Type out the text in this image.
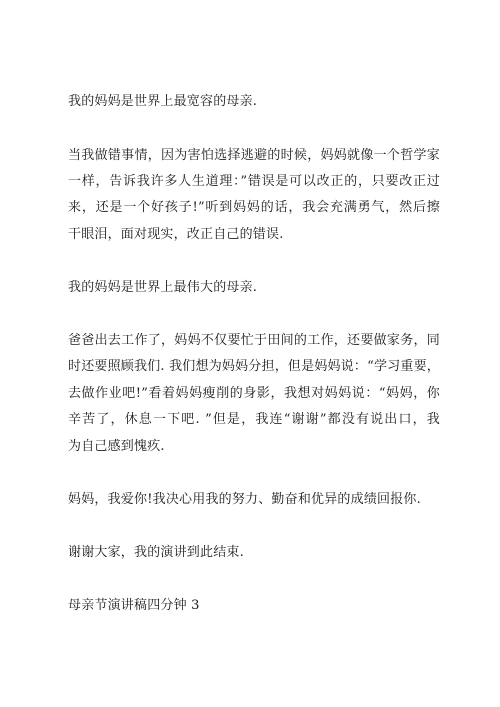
我的妈妈是世界上最宽容的母亲.
当我做错事情，因为害怕选择逃避的时候，妈妈就像一个哲学家
一样，告诉我许多人生道理：”错误是可以改正的，只要改正过
来，还是一个好孩子!”听到妈妈的话，我会充满勇气，然后擦
干眼泪，面对现实，改正自己的错误.
我的妈妈是世界上最伟大的母亲.
爸爸出去工作了，妈妈不仅要忙于田间的工作，还要做家务，同
时还要照顾我们. 我们想为妈妈分担，但是妈妈说：“学习重要，
去做作业吧!”看着妈妈瘦削的身影，我想对妈妈说：“妈妈，你
辛苦了，休息一下吧. ”但是，我连“谢谢”都没有说出口，我
为自己感到愧疚.
妈妈，我爱你!我决心用我的努力、勤奋和优异的成绩回报你.
谢谢大家，我的演讲到此结束.
母亲节演讲稿四分钟 3
